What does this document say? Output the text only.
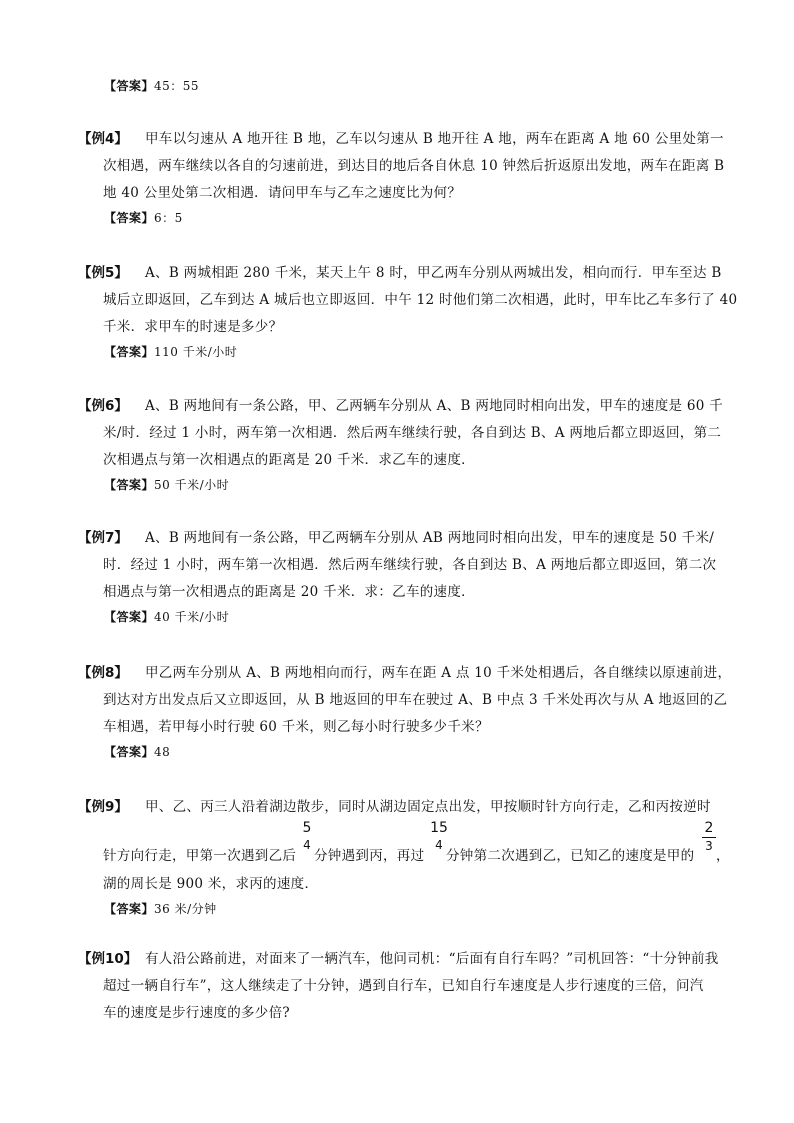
【答案】45：55
【例4】 甲车以匀速从 A 地开往 B 地，乙车以匀速从 B 地开往 A 地，两车在距离 A 地 60 公里处第一
次相遇，两车继续以各自的匀速前进，到达目的地后各自休息 10 钟然后折返原出发地，两车在距离 B
地 40 公里处第二次相遇．请问甲车与乙车之速度比为何？
【答案】6：5
【例5】 A、B 两城相距 280 千米，某天上午 8 时，甲乙两车分别从两城出发，相向而行．甲车至达 B
城后立即返回，乙车到达 A 城后也立即返回．中午 12 时他们第二次相遇，此时，甲车比乙车多行了 40
千米．求甲车的时速是多少？
【答案】110 千米/小时
【例6】 A、B 两地间有一条公路，甲、乙两辆车分别从 A、B 两地同时相向出发，甲车的速度是 60 千
米/时．经过 1 小时，两车第一次相遇．然后两车继续行驶，各自到达 B、A 两地后都立即返回，第二
次相遇点与第一次相遇点的距离是 20 千米．求乙车的速度．
【答案】50 千米/小时
【例7】 A、B 两地间有一条公路，甲乙两辆车分别从 AB 两地同时相向出发，甲车的速度是 50 千米/
时．经过 1 小时，两车第一次相遇．然后两车继续行驶，各自到达 B、A 两地后都立即返回，第二次
相遇点与第一次相遇点的距离是 20 千米．求：乙车的速度．
【答案】40 千米/小时
【例8】 甲乙两车分别从 A、B 两地相向而行，两车在距 A 点 10 千米处相遇后，各自继续以原速前进，
到达对方出发点后又立即返回，从 B 地返回的甲车在驶过 A、B 中点 3 千米处再次与从 A 地返回的乙
车相遇，若甲每小时行驶 60 千米，则乙每小时行驶多少千米？
【答案】48
【例9】 甲、乙、丙三人沿着湖边散步，同时从湖边固定点出发，甲按顺时针方向行走，乙和丙按逆时
针方向行走，甲第一次遇到乙后
5
4
分钟遇到丙，再过
15
4
分钟第二次遇到乙，已知乙的速度是甲的
2
3
，
湖的周长是 900 米，求丙的速度．
【答案】36 米/分钟
【例10】 有人沿公路前进，对面来了一辆汽车，他问司机：“后面有自行车吗？”司机回答：“十分钟前我
超过一辆自行车”，这人继续走了十分钟，遇到自行车，已知自行车速度是人步行速度的三倍，问汽
车的速度是步行速度的多少倍?
